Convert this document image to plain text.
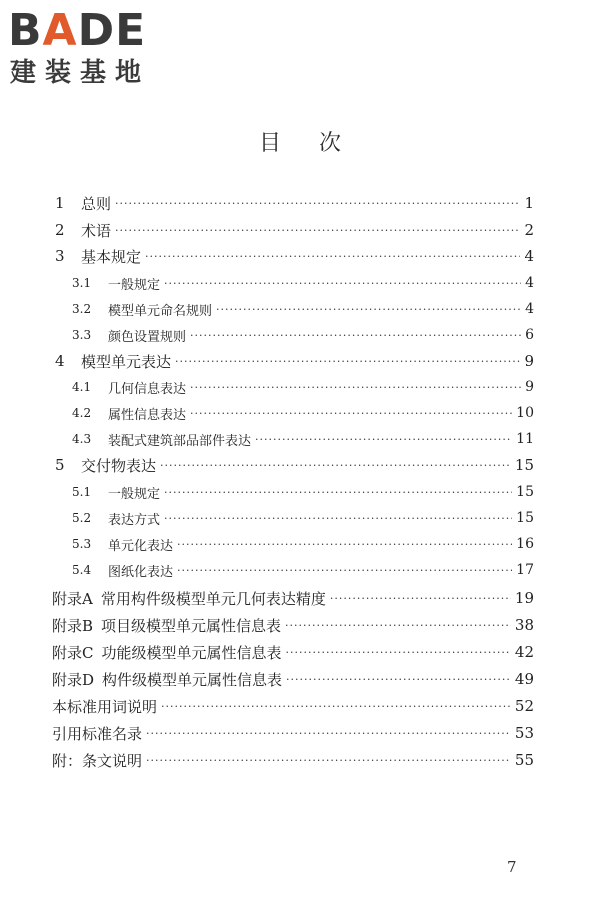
BADE
建装基地
目次
1	总则 ·····	1
2	术语 ·····	2
3	基本规定 ·····	4
3.1	一般规定 ·····	4
3.2	模型单元命名规则 ·····	4
3.3	颜色设置规则 ·····	6
4	模型单元表达 ·····	9
4.1	几何信息表达 ·····	9
4.2	属性信息表达 ·····	10
4.3	装配式建筑部品部件表达 ·····	11
5	交付物表达 ·····	15
5.1	一般规定 ·····	15
5.2	表达方式 ·····	15
5.3	单元化表达 ·····	16
5.4	图纸化表达 ·····	17
附录A 常用构件级模型单元几何表达精度 ·····	19
附录B 项目级模型单元属性信息表 ·····	38
附录C 功能级模型单元属性信息表 ·····	42
附录D 构件级模型单元属性信息表 ·····	49
本标准用词说明 ·····	52
引用标准名录 ·····	53
附：条文说明 ·····	55
7
